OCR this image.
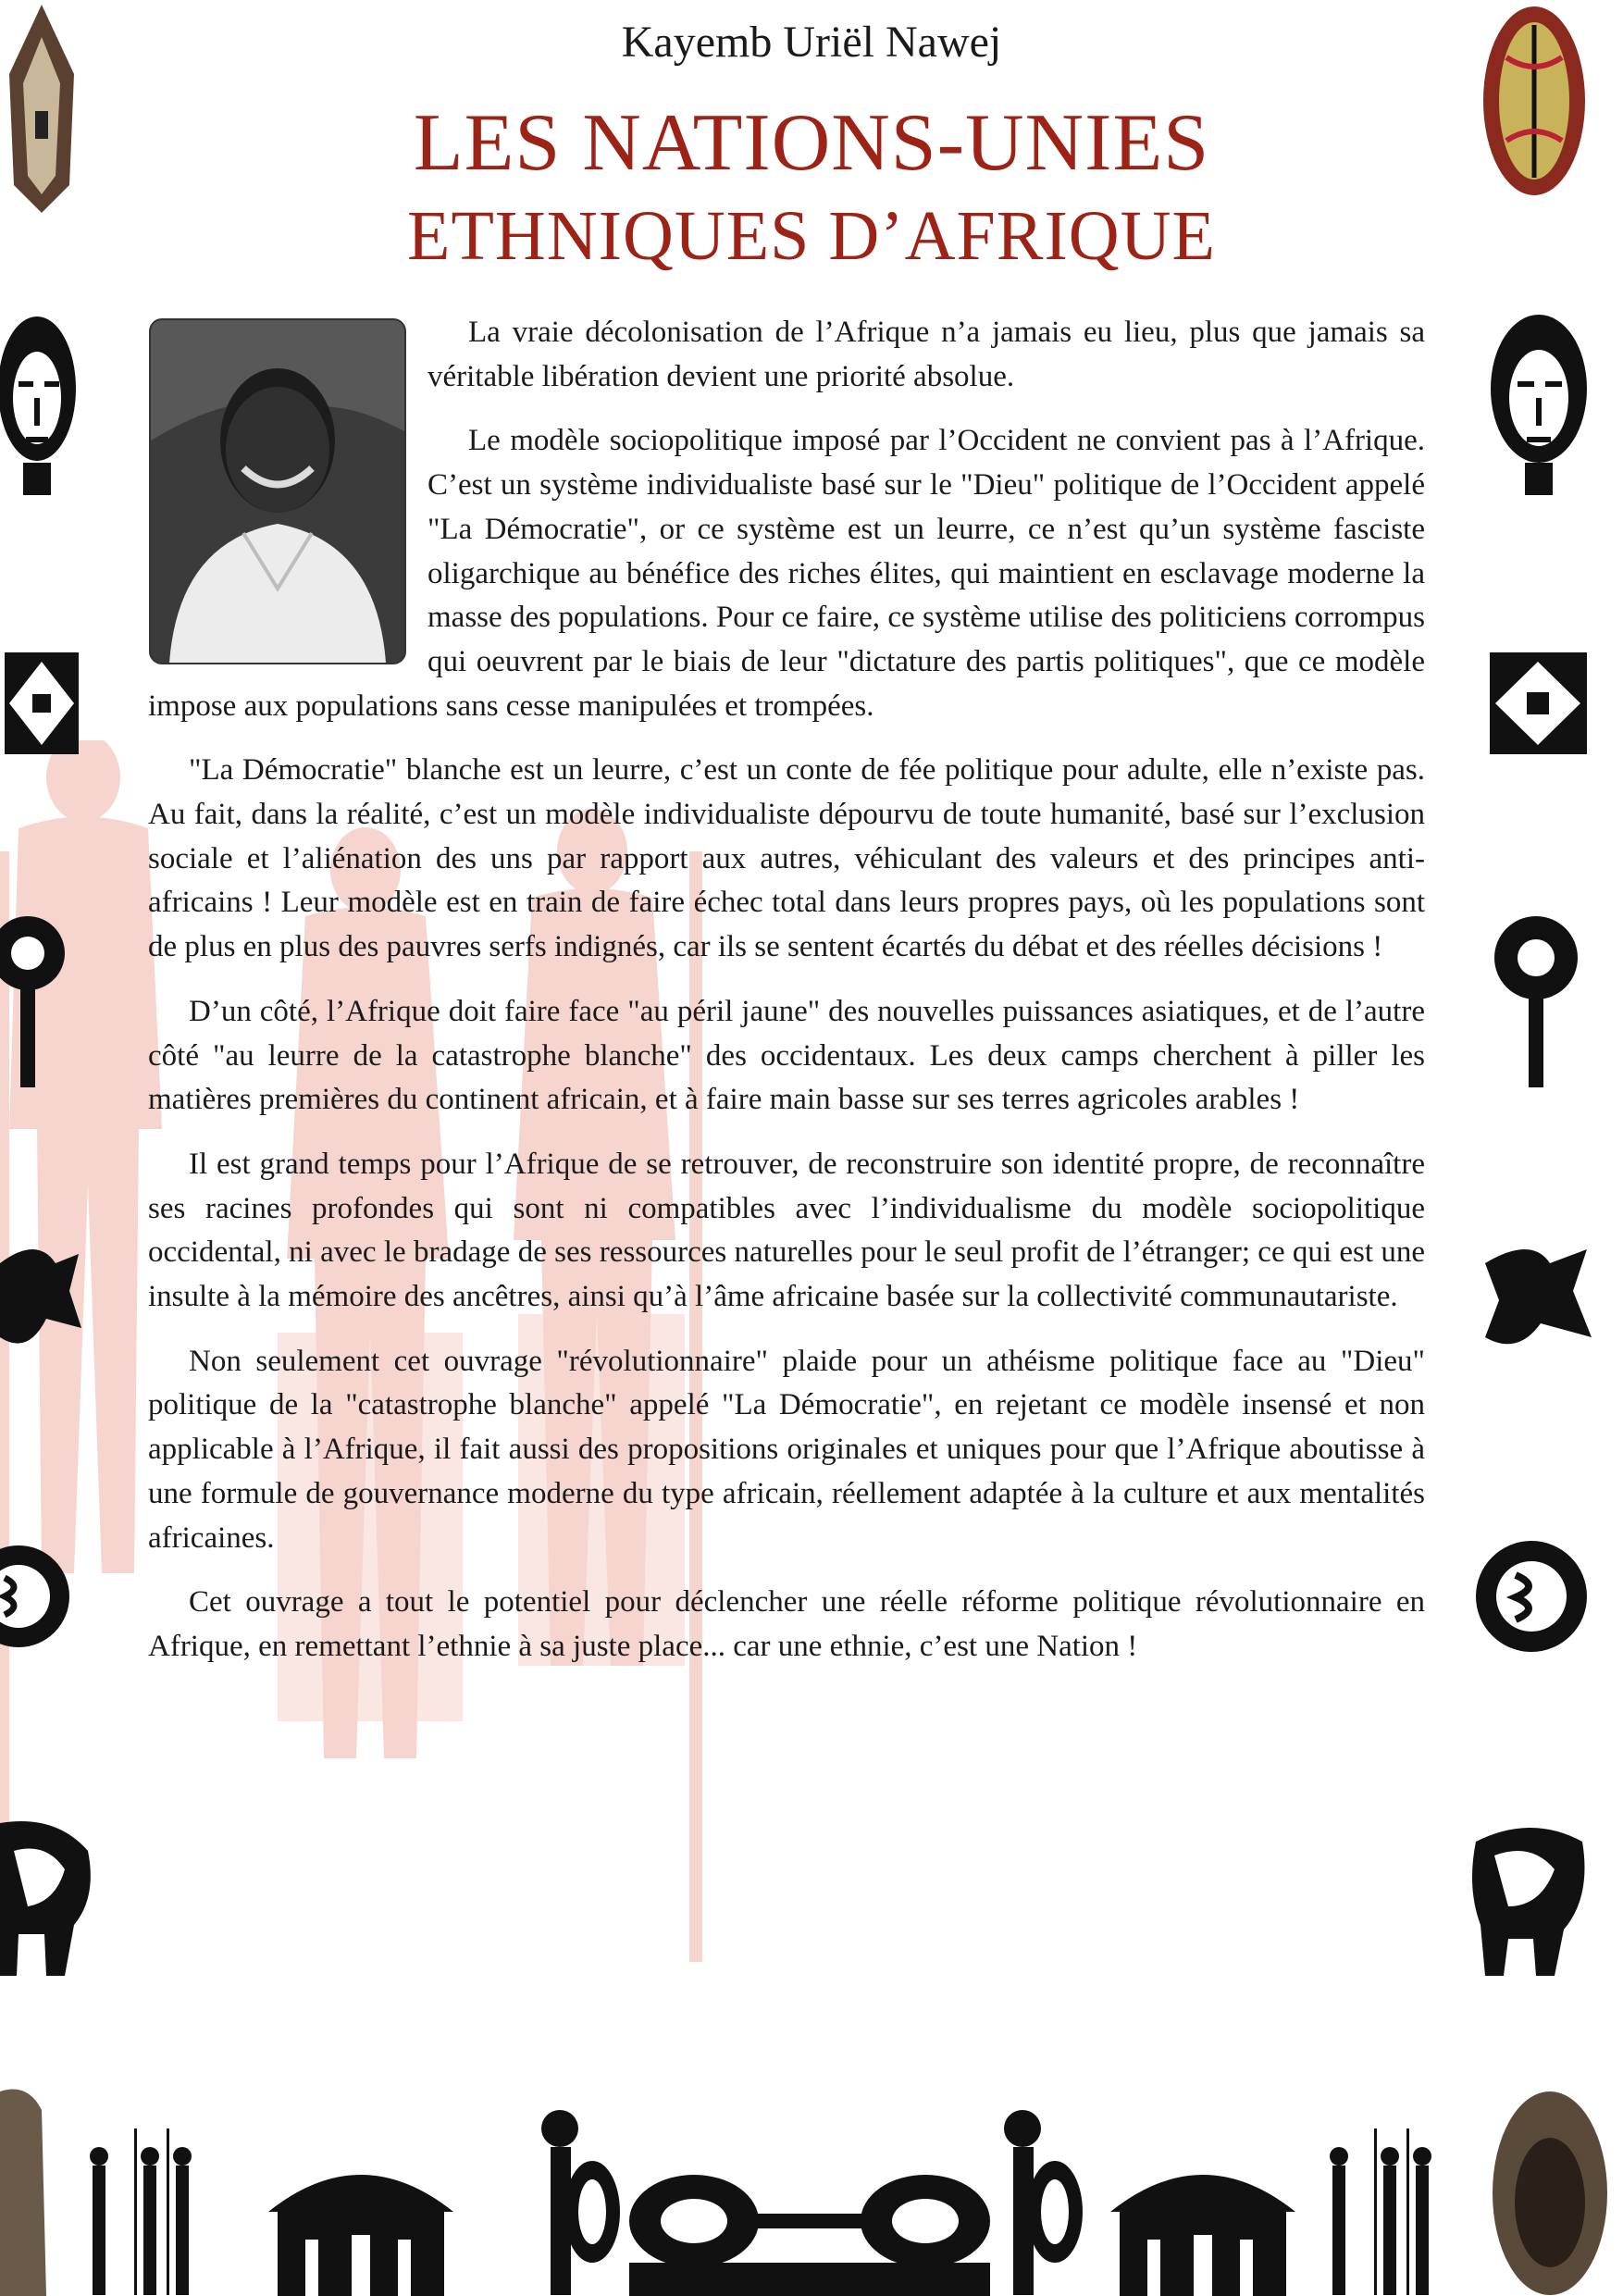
Kayemb Uriël Nawej
LES NATIONS-UNIES
ETHNIQUES D’AFRIQUE

La vraie décolonisation de l’Afrique n’a jamais eu lieu, plus que jamais sa véritable libération devient une priorité absolue.

Le modèle sociopolitique imposé par l’Occident ne convient pas à l’Afrique. C’est un système individualiste basé sur le "Dieu" politique de l’Occident appelé "La Démocratie", or ce système est un leurre, ce n’est qu’un système fasciste oligarchique au bénéfice des riches élites, qui maintient en esclavage moderne la masse des populations. Pour ce faire, ce système utilise des politiciens corrompus qui oeuvrent par le biais de leur "dictature des partis politiques", que ce modèle impose aux populations sans cesse manipulées et trompées.

"La Démocratie" blanche est un leurre, c’est un conte de fée politique pour adulte, elle n’existe pas. Au fait, dans la réalité, c’est un modèle individualiste dépourvu de toute humanité, basé sur l’exclusion sociale et l’aliénation des uns par rapport aux autres, véhiculant des valeurs et des principes anti-africains ! Leur modèle est en train de faire échec total dans leurs propres pays, où les populations sont de plus en plus des pauvres serfs indignés, car ils se sentent écartés du débat et des réelles décisions !

D’un côté, l’Afrique doit faire face "au péril jaune" des nouvelles puissances asiatiques, et de l’autre côté "au leurre de la catastrophe blanche" des occidentaux. Les deux camps cherchent à piller les matières premières du continent africain, et à faire main basse sur ses terres agricoles arables !

Il est grand temps pour l’Afrique de se retrouver, de reconstruire son identité propre, de reconnaître ses racines profondes qui sont ni compatibles avec l’individualisme du modèle sociopolitique occidental, ni avec le bradage de ses ressources naturelles pour le seul profit de l’étranger; ce qui est une insulte à la mémoire des ancêtres, ainsi qu’à l’âme africaine basée sur la collectivité communautariste.

Non seulement cet ouvrage "révolutionnaire" plaide pour un athéisme politique face au "Dieu" politique de la "catastrophe blanche" appelé "La Démocratie", en rejetant ce modèle insensé et non applicable à l’Afrique, il fait aussi des propositions originales et uniques pour que l’Afrique aboutisse à une formule de gouvernance moderne du type africain, réellement adaptée à la culture et aux mentalités africaines.

Cet ouvrage a tout le potentiel pour déclencher une réelle réforme politique révolutionnaire en Afrique, en remettant l’ethnie à sa juste place... car une ethnie, c’est une Nation !
